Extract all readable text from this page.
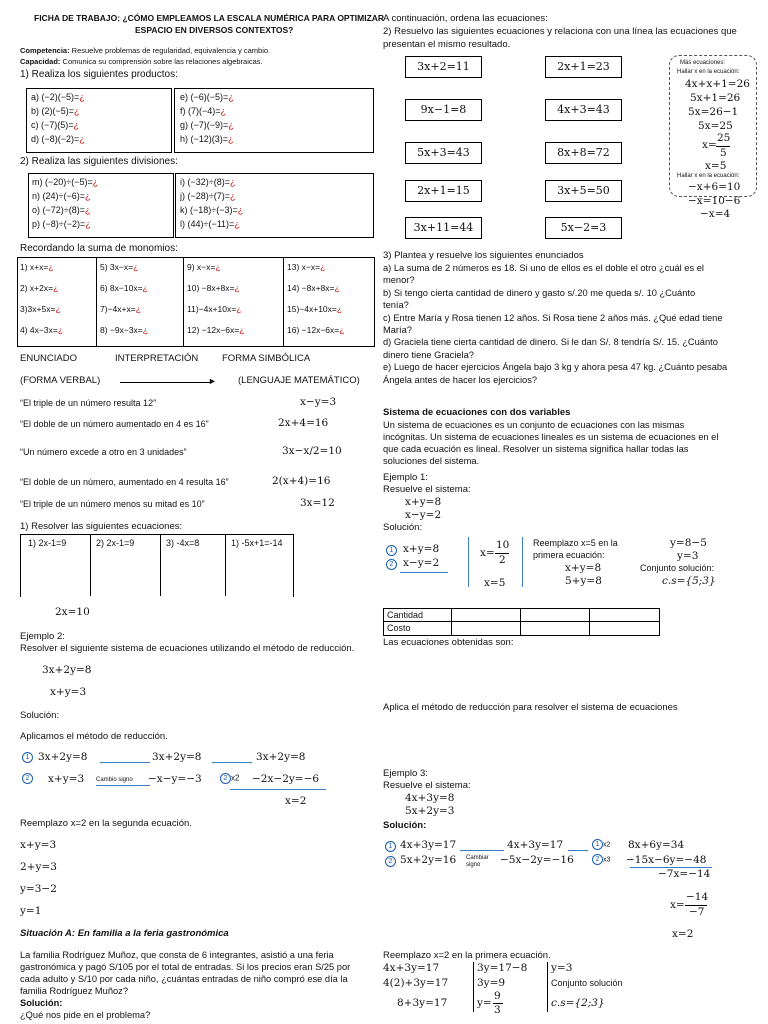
FICHA DE TRABAJO: ¿CÓMO EMPLEAMOS LA ESCALA NUMÉRICA PARA OPTIMIZAR
ESPACIO EN DIVERSOS CONTEXTOS?
Competencia: Resuelve problemas de regularidad, equivalencia y cambio.
Capacidad: Comunica su comprensión sobre las relaciones algebraicas.
1) Realiza los siguientes productos:
a) (−2)(−5)=¿
b) (2)(−5)=¿
c) (−7)(5)=¿
d) (−8)(−2)=¿
e) (−6)(−5)=¿
f) (7)(−4)=¿
g) (−7)(−9)=¿
h) (−12)(3)=¿
2) Realiza las siguientes divisiones:
m) (−20)÷(−5)=¿
n) (24)÷(−6)=¿
o) (−72)÷(8)=¿
p) (−8)÷(−2)=¿
i) (−32)÷(8)=¿
j) (−28)÷(7)=¿
k) (−18)÷(−3)=¿
l) (44)÷(−11)=¿
Recordando la suma de monomios:
1) x+x=¿
2) x+2x=¿
3)3x+5x=¿
4) 4x−3x=¿
5) 3x−x=¿
6) 8x−10x=¿
7)−4x+x=¿
8) −9x−3x=¿
9) x−x=¿
10) −8x+8x=¿
11)−4x+10x=¿
12) −12x−6x=¿
13) x−x=¿
14) −8x+8x=¿
15)−4x+10x=¿
16) −12x−6x=¿
ENUNCIADO	INTERPRETACIÓN	FORMA SIMBÓLICA
(FORMA VERBAL)	► (LENGUAJE MATEMÁTICO)
“El triple de un número resulta 12”	x−y=3
“El doble de un número aumentado en 4 es 16”	2x+4=16
“Un número excede a otro en 3 unidades”	3x−x/2=10
“El doble de un número, aumentado en 4 resulta 16”	2(x+4)=16
“El triple de un número menos su mitad es 10”	3x=12
1) Resolver las siguientes ecuaciones:
1) 2x-1=9	2) 2x-1=9	3) -4x=8	1) -5x+1=-14
2x=10
Ejemplo 2:
Resolver el siguiente sistema de ecuaciones utilizando el método de reducción.
3x+2y=8
x+y=3
Solución:
Aplicamos el método de reducción.
1 3x+2y=8	3x+2y=8	3x+2y=8
2	x+y=3 Cambio signo −x−y=−3	2 x2 −2x−2y=−6
x=2
Reemplazo x=2 en la segunda ecuación.
x+y=3
2+y=3
y=3−2
y=1
Situación A: En familia a la feria gastronómica
La familia Rodríguez Muñoz, que consta de 6 integrantes, asistió a una feria
gastronómica y pagó S/105 por el total de entradas. Si los precios eran S/25 por
cada adulto y S/10 por cada niño, ¿cuántas entradas de niño compró ese día la
familia Rodríguez Muñoz?
Solución:
¿Qué nos pide en el problema?
A continuación, ordena las ecuaciones:
2) Resuelvo las siguientes ecuaciones y relaciona con una línea las ecuaciones que
presentan el mismo resultado.
3x+2=11
9x−1=8
5x+3=43
2x+1=15
3x+11=44
2x+1=23
4x+3=43
8x+8=72
3x+5=50
5x−2=3
Más ecuaciones:
Hallar x en la ecuación:
4x+x+1=26
5x+1=26
5x=26−1
5x=25
x=
25
5
x=5
Hallar x en la ecuación:
−x+6=10
−x=10−6
−x=4
3) Plantea y resuelve los siguientes enunciados
a) La suma de 2 números es 18. Si uno de ellos es el doble el otro ¿cuál es el
menor?
b) Si tengo cierta cantidad de dinero y gasto s/.20 me queda s/. 10 ¿Cuánto
tenía?
c) Entre María y Rosa tienen 12 años. Si Rosa tiene 2 años más. ¿Qué edad tiene
María?
d) Graciela tiene cierta cantidad de dinero. Si le dan S/. 8 tendría S/. 15. ¿Cuánto
dinero tiene Graciela?
e) Luego de hacer ejercicios Ángela bajo 3 kg y ahora pesa 47 kg. ¿Cuánto pesaba
Ángela antes de hacer los ejercicios?
Sistema de ecuaciones con dos variables
Un sistema de ecuaciones es un conjunto de ecuaciones con las mismas
incógnitas. Un sistema de ecuaciones lineales es un sistema de ecuaciones en el
que cada ecuación es lineal. Resolver un sistema significa hallar todas las
soluciones del sistema.
Ejemplo 1:
Resuelve el sistema:
x+y=8
x−y=2
Solución:
1 x+y=8
2 x−y=2
x=
10
2
x=5
Reemplazo x=5 en la
primera ecuación:
x+y=8
5+y=8
y=8−5
y=3
Conjunto solución:
c.s={5;3}
Cantidad
Costo
Las ecuaciones obtenidas son:
Aplica el método de reducción para resolver el sistema de ecuaciones
Ejemplo 3:
Resuelve el sistema:
4x+3y=8
5x+2y=3
Solución:
1 4x+3y=17	4x+3y=17	1 x2 8x+6y=34
2 5x+2y=16 Cambiar
signo −5x−2y=−16	2 x3 −15x−6y=−48
−7x=−14
x=
−14
−7
x=2
Reemplazo x=2 en la primera ecuación.
4x+3y=17
4(2)+3y=17
8+3y=17
3y=17−8
3y=9
y=
9
3
y=3
Conjunto solución
c.s={2;3}
